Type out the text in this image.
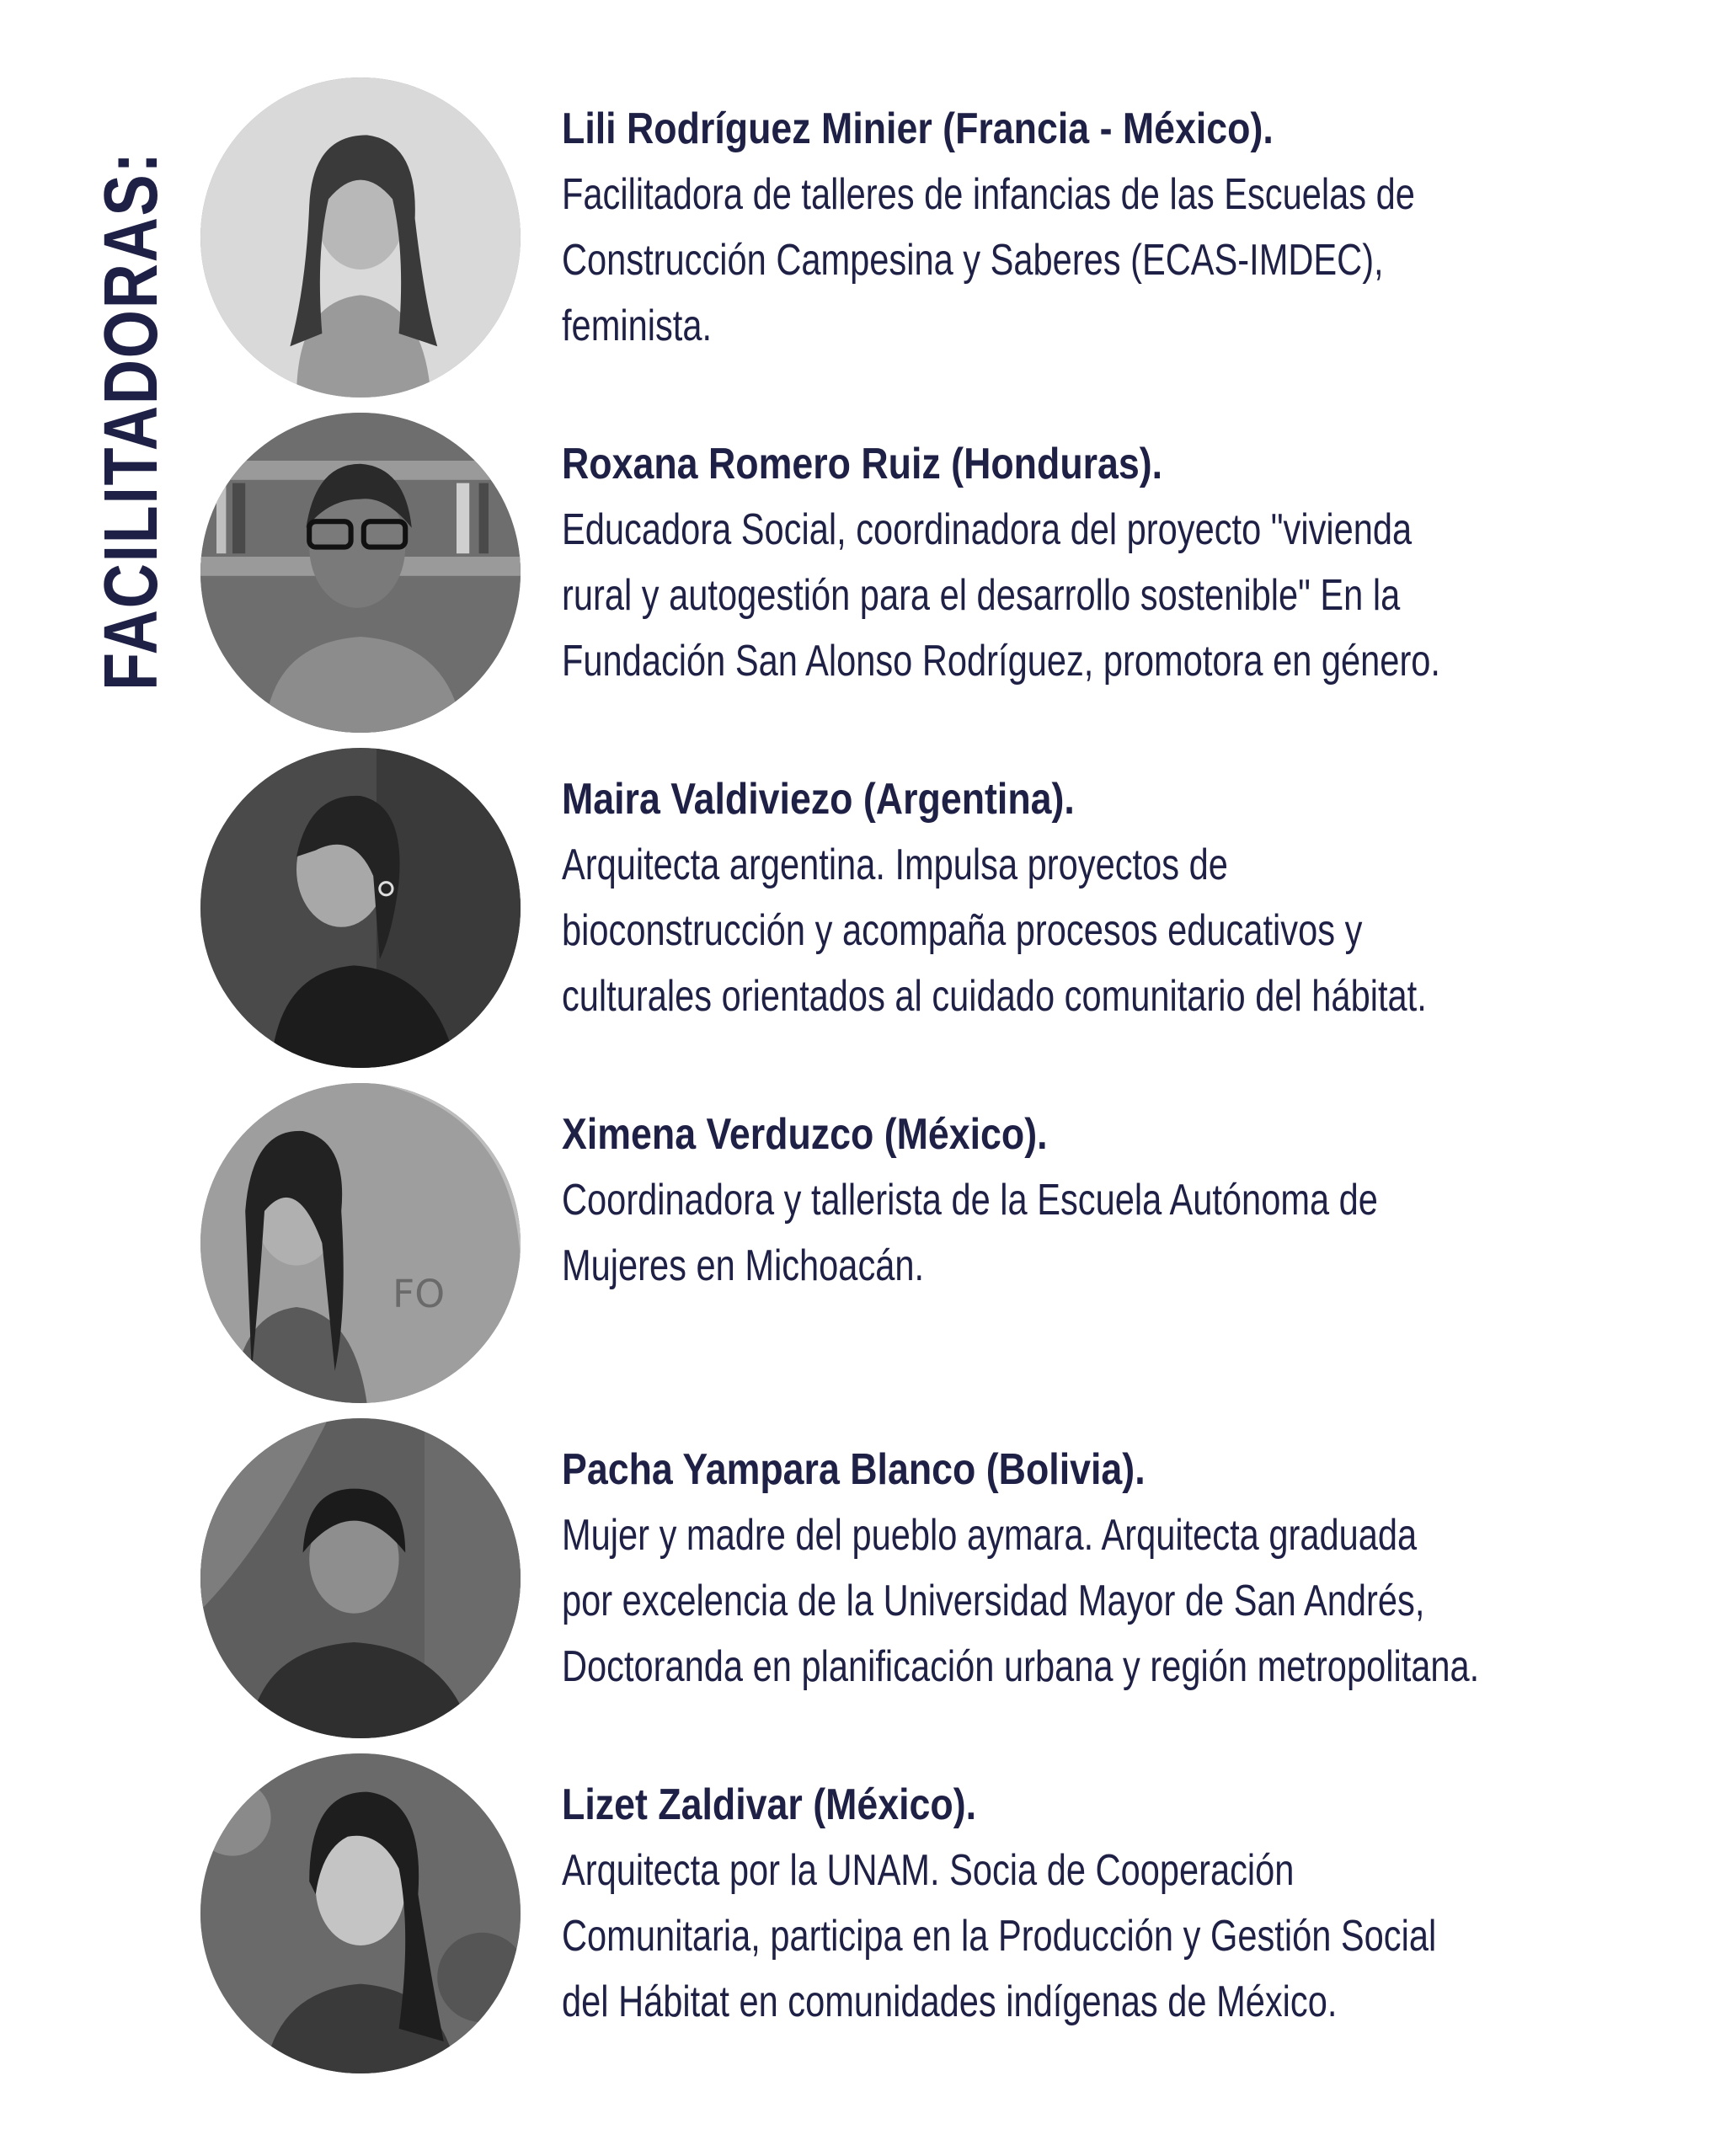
FACILITADORAS:
Lili Rodríguez Minier (Francia - México).
Facilitadora de talleres de infancias de las Escuelas de
Construcción Campesina y Saberes (ECAS-IMDEC),
feminista.
Roxana Romero Ruiz (Honduras).
Educadora Social, coordinadora del proyecto "vivienda
rural y autogestión para el desarrollo sostenible" En la
Fundación San Alonso Rodríguez, promotora en género.
Maira Valdiviezo (Argentina).
Arquitecta argentina. Impulsa proyectos de
bioconstrucción y acompaña procesos educativos y
culturales orientados al cuidado comunitario del hábitat.
FO
Ximena Verduzco (México).
Coordinadora y tallerista de la Escuela Autónoma de
Mujeres en Michoacán.
Pacha Yampara Blanco (Bolivia).
Mujer y madre del pueblo aymara. Arquitecta graduada
por excelencia de la Universidad Mayor de San Andrés,
Doctoranda en planificación urbana y región metropolitana.
Lizet Zaldivar (México).
Arquitecta por la UNAM. Socia de Cooperación
Comunitaria, participa en la Producción y Gestión Social
del Hábitat en comunidades indígenas de México.
